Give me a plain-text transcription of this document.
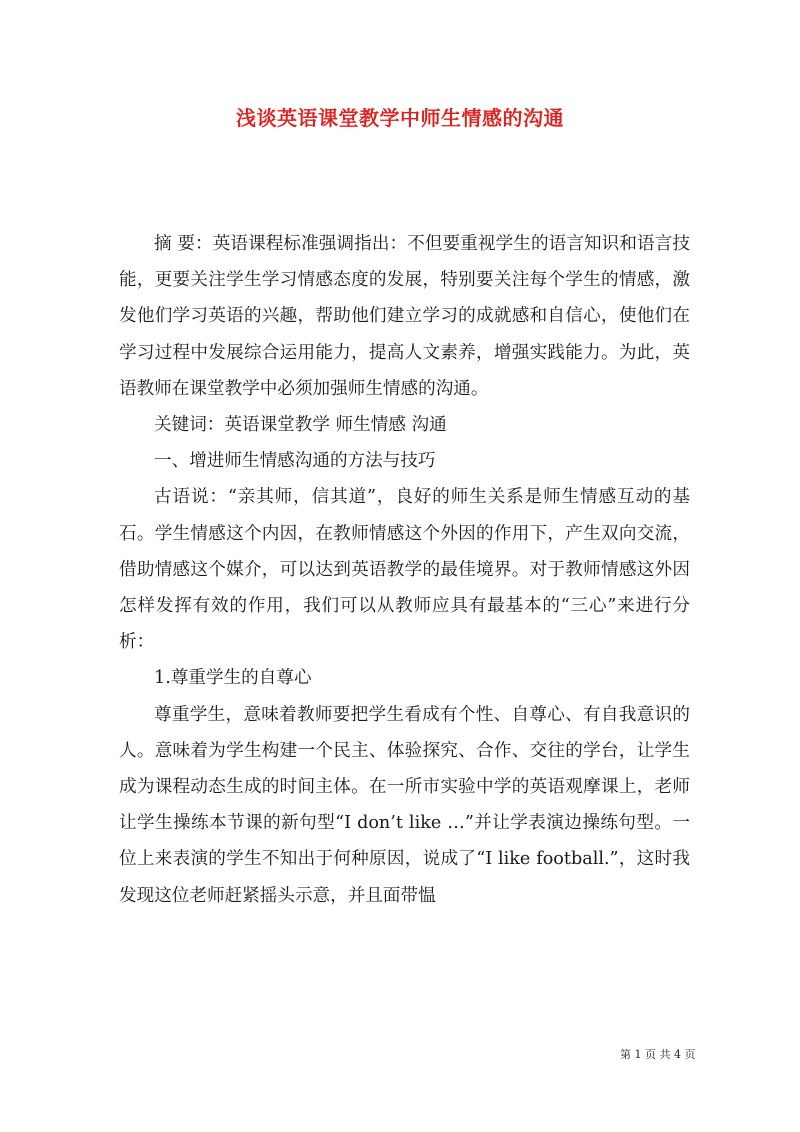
浅谈英语课堂教学中师生情感的沟通

摘 要：英语课程标准强调指出：不但要重视学生的语言知识和语言技能，更要关注学生学习情感态度的发展，特别要关注每个学生的情感，激发他们学习英语的兴趣，帮助他们建立学习的成就感和自信心，使他们在学习过程中发展综合运用能力，提高人文素养，增强实践能力。为此，英语教师在课堂教学中必须加强师生情感的沟通。

关键词：英语课堂教学 师生情感 沟通

一、增进师生情感沟通的方法与技巧

古语说：“亲其师，信其道”，良好的师生关系是师生情感互动的基石。学生情感这个内因，在教师情感这个外因的作用下，产生双向交流，借助情感这个媒介，可以达到英语教学的最佳境界。对于教师情感这外因怎样发挥有效的作用，我们可以从教师应具有最基本的“三心”来进行分析：

1.尊重学生的自尊心

尊重学生，意味着教师要把学生看成有个性、自尊心、有自我意识的人。意味着为学生构建一个民主、体验探究、合作、交往的学台，让学生成为课程动态生成的时间主体。在一所市实验中学的英语观摩课上，老师让学生操练本节课的新句型“I don’t like …”并让学表演边操练句型。一位上来表演的学生不知出于何种原因，说成了“I like football.”，这时我发现这位老师赶紧摇头示意，并且面带愠

第 1 页 共 4 页
